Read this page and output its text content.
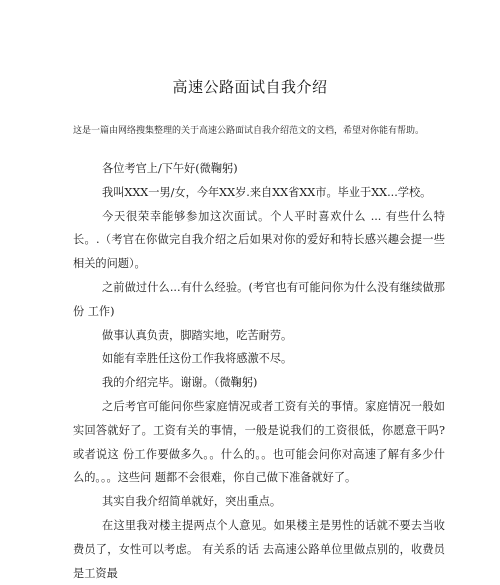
高速公路面试自我介绍
这是一篇由网络搜集整理的关于高速公路面试自我介绍范文的文档，希望对你能有帮助。

各位考官上/下午好(微鞠躬)

我叫XXX一男/女，今年XX岁.来自XX省XX市。毕业于XX...学校。

今天很荣幸能够参加这次面试。个人平时喜欢什么 ... 有些什么特长。.（考官在你做完自我介绍之后如果对你的爱好和特长感兴趣会提一些相关的问题）。

之前做过什么...有什么经验。(考官也有可能问你为什么没有继续做那份 工作)

做事认真负责，脚踏实地，吃苦耐劳。

如能有幸胜任这份工作我将感激不尽。

我的介绍完毕。谢谢。（微鞠躬)

之后考官可能问你些家庭情况或者工资有关的事情。家庭情况一般如实回答就好了。工资有关的事情，一般是说我们的工资很低，你愿意干吗?或者说这 份工作要做多久。。什么的。。也可能会问你对高速了解有多少什么的。。。这些问 题都不会很难，你自己做下准备就好了。

其实自我介绍简单就好，突出重点。

在这里我对楼主提两点个人意见。如果楼主是男性的话就不要去当收费员了，女性可以考虑。 有关系的话 去高速公路单位里做点别的，收费员是工资最
